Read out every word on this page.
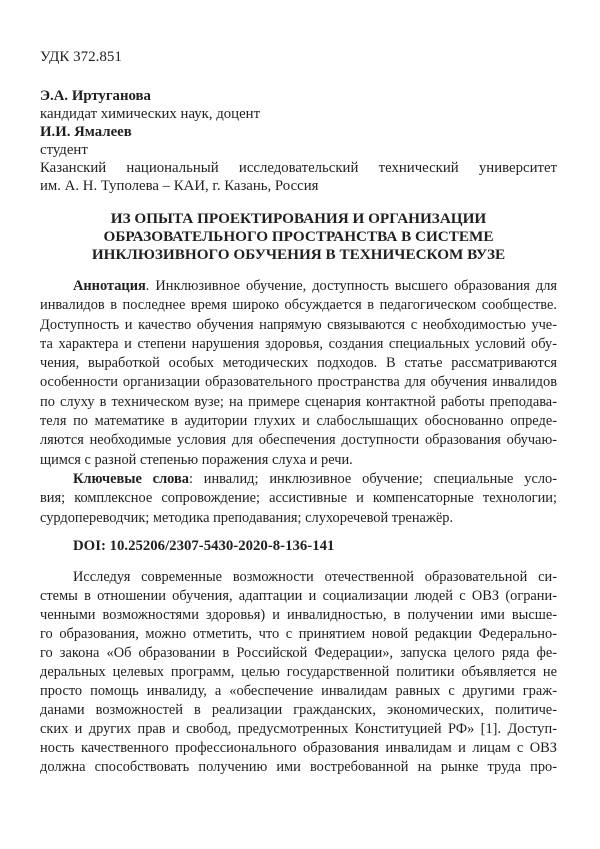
УДК 372.851
Э.А. Иртуганова
кандидат химических наук, доцент
И.И. Ямалеев
студент
Казанский национальный исследовательский технический университет
им. А. Н. Туполева – КАИ, г. Казань, Россия
ИЗ ОПЫТА ПРОЕКТИРОВАНИЯ И ОРГАНИЗАЦИИ
ОБРАЗОВАТЕЛЬНОГО ПРОСТРАНСТВА В СИСТЕМЕ
ИНКЛЮЗИВНОГО ОБУЧЕНИЯ В ТЕХНИЧЕСКОМ ВУЗЕ
Аннотация. Инклюзивное обучение, доступность высшего образования для
инвалидов в последнее время широко обсуждается в педагогическом сообществе.
Доступность и качество обучения напрямую связываются с необходимостью уче-
та характера и степени нарушения здоровья, создания специальных условий обу-
чения, выработкой особых методических подходов. В статье рассматриваются
особенности организации образовательного пространства для обучения инвалидов
по слуху в техническом вузе; на примере сценария контактной работы преподава-
теля по математике в аудитории глухих и слабослышащих обоснованно опреде-
ляются необходимые условия для обеспечения доступности образования обучаю-
щимся с разной степенью поражения слуха и речи.
Ключевые слова: инвалид; инклюзивное обучение; специальные усло-
вия; комплексное сопровождение; ассистивные и компенсаторные технологии;
сурдопереводчик; методика преподавания; слухоречевой тренажёр.
DOI: 10.25206/2307-5430-2020-8-136-141
Исследуя современные возможности отечественной образовательной си-
стемы в отношении обучения, адаптации и социализации людей с ОВЗ (ограни-
ченными возможностями здоровья) и инвалидностью, в получении ими высше-
го образования, можно отметить, что с принятием новой редакции Федерально-
го закона «Об образовании в Российской Федерации», запуска целого ряда фе-
деральных целевых программ, целью государственной политики объявляется не
просто помощь инвалиду, а «обеспечение инвалидам равных с другими граж-
данами возможностей в реализации гражданских, экономических, политиче-
ских и других прав и свобод, предусмотренных Конституцией РФ» [1]. Доступ-
ность качественного профессионального образования инвалидам и лицам с ОВЗ
должна способствовать получению ими востребованной на рынке труда про-
